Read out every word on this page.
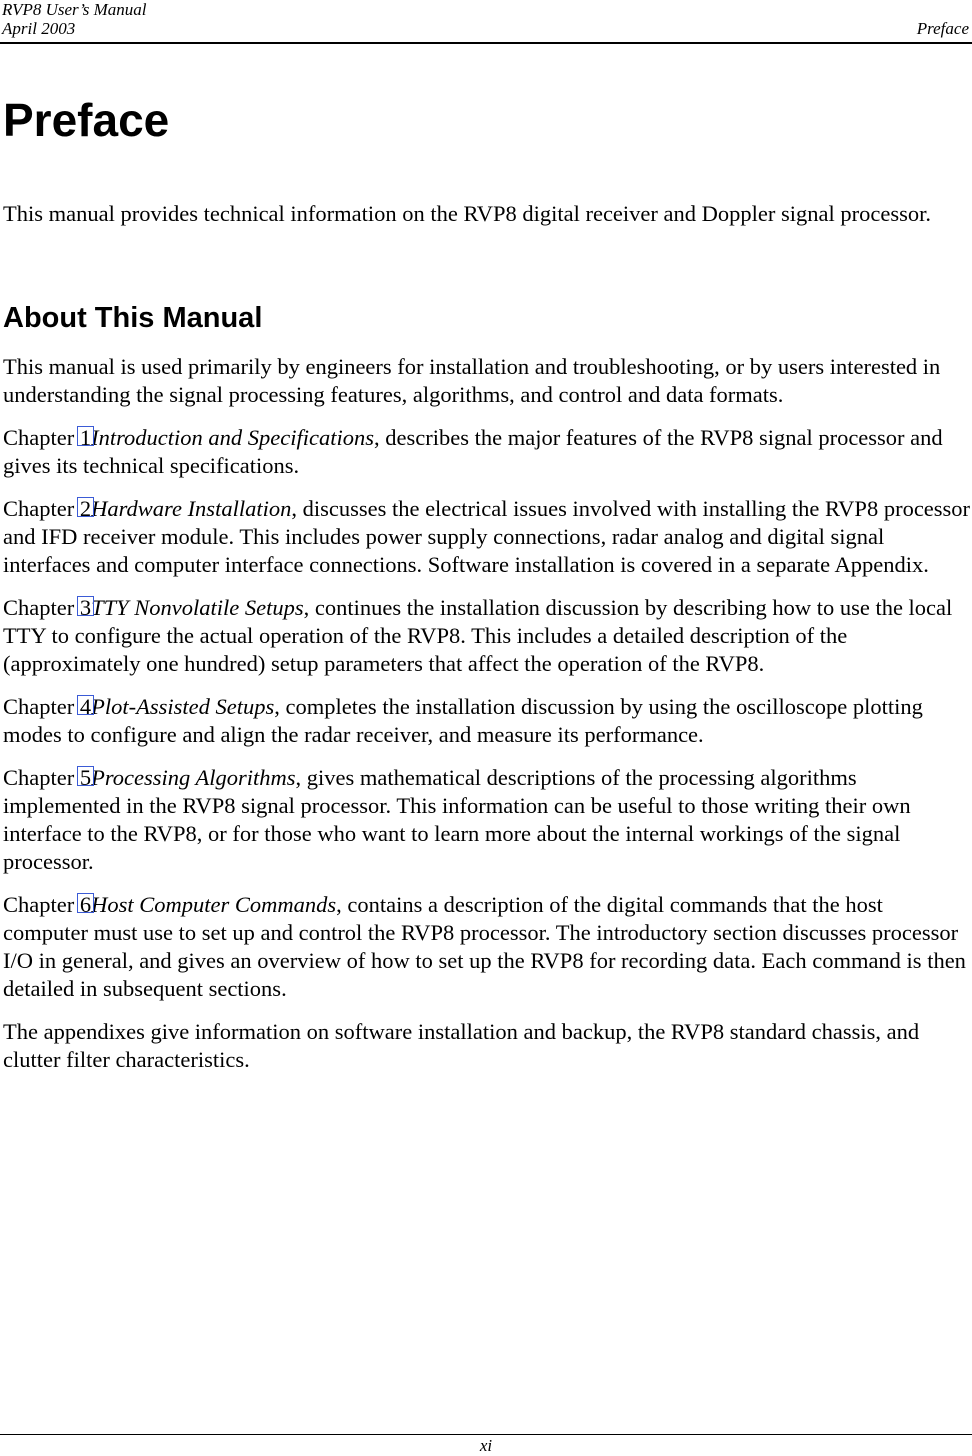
RVP8 User’s Manual
April 2003	Preface
Preface

This manual provides technical information on the RVP8 digital receiver and Doppler signal processor.

About This Manual

This manual is used primarily by engineers for installation and troubleshooting, or by users interested in understanding the signal processing features, algorithms, and control and data formats.

Chapter 1Introduction and Specifications, describes the major features of the RVP8 signal processor and gives its technical specifications.

Chapter 2Hardware Installation, discusses the electrical issues involved with installing the RVP8 processor and IFD receiver module. This includes power supply connections, radar analog and digital signal interfaces and computer interface connections. Software installation is covered in a separate Appendix.

Chapter 3TTY Nonvolatile Setups, continues the installation discussion by describing how to use the local TTY to configure the actual operation of the RVP8. This includes a detailed description of the (approximately one hundred) setup parameters that affect the operation of the RVP8.

Chapter 4Plot‐Assisted Setups, completes the installation discussion by using the oscilloscope plotting modes to configure and align the radar receiver, and measure its performance.

Chapter 5Processing Algorithms, gives mathematical descriptions of the processing algorithms implemented in the RVP8 signal processor. This information can be useful to those writing their own interface to the RVP8, or for those who want to learn more about the internal workings of the signal processor.

Chapter 6Host Computer Commands, contains a description of the digital commands that the host computer must use to set up and control the RVP8 processor. The introductory section discusses processor I/O in general, and gives an overview of how to set up the RVP8 for recording data. Each command is then detailed in subsequent sections.

The appendixes give information on software installation and backup, the RVP8 standard chassis, and clutter filter characteristics.

xi
